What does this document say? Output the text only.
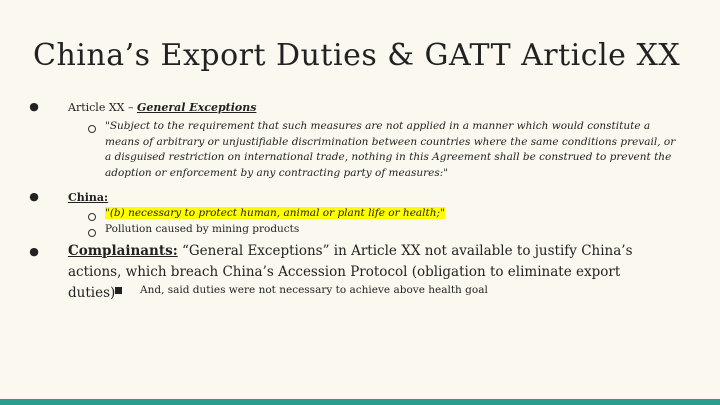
China’s Export Duties & GATT Article XX
●	Article XX – General Exceptions
"Subject to the requirement that such measures are not applied in a manner which would constitute a means of arbitrary or unjustifiable discrimination between countries where the same conditions prevail, or a disguised restriction on international trade, nothing in this Agreement shall be construed to prevent the adoption or enforcement by any contracting party of measures:"
●	China:
"(b) necessary to protect human, animal or plant life or health;"
Pollution caused by mining products
● Complainants: “General Exceptions” in Article XX not available to justify China’s actions, which breach China’s Accession Protocol (obligation to eliminate export duties)	And, said duties were not necessary to achieve above health goal
